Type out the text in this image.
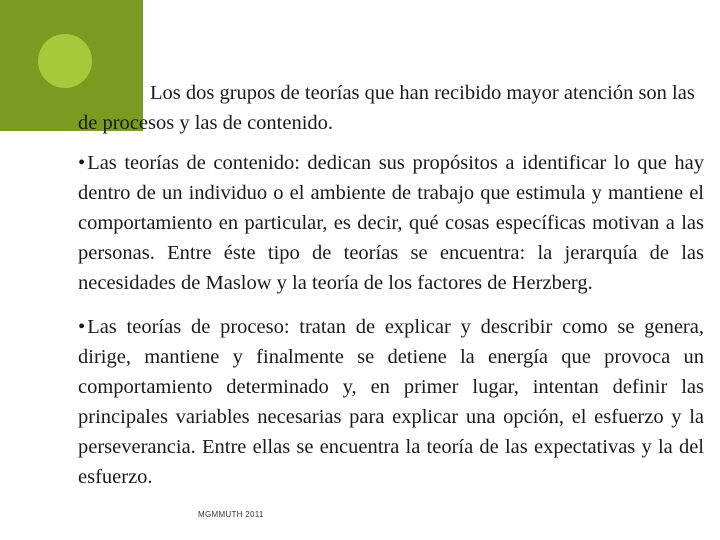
Los dos grupos de teorías que han recibido mayor atención son las de procesos y las de contenido.

•Las teorías de contenido: dedican sus propósitos a identificar lo que hay dentro de un individuo o el ambiente de trabajo que estimula y mantiene el comportamiento en particular, es decir, qué cosas específicas motivan a las personas. Entre éste tipo de teorías se encuentra: la jerarquía de las necesidades de Maslow y la teoría de los factores de Herzberg.

•Las teorías de proceso: tratan de explicar y describir como se genera, dirige, mantiene y finalmente se detiene la energía que provoca un comportamiento determinado y, en primer lugar, intentan definir las principales variables necesarias para explicar una opción, el esfuerzo y la perseverancia. Entre ellas se encuentra la teoría de las expectativas y la del esfuerzo.

MGMMUTH 2011
